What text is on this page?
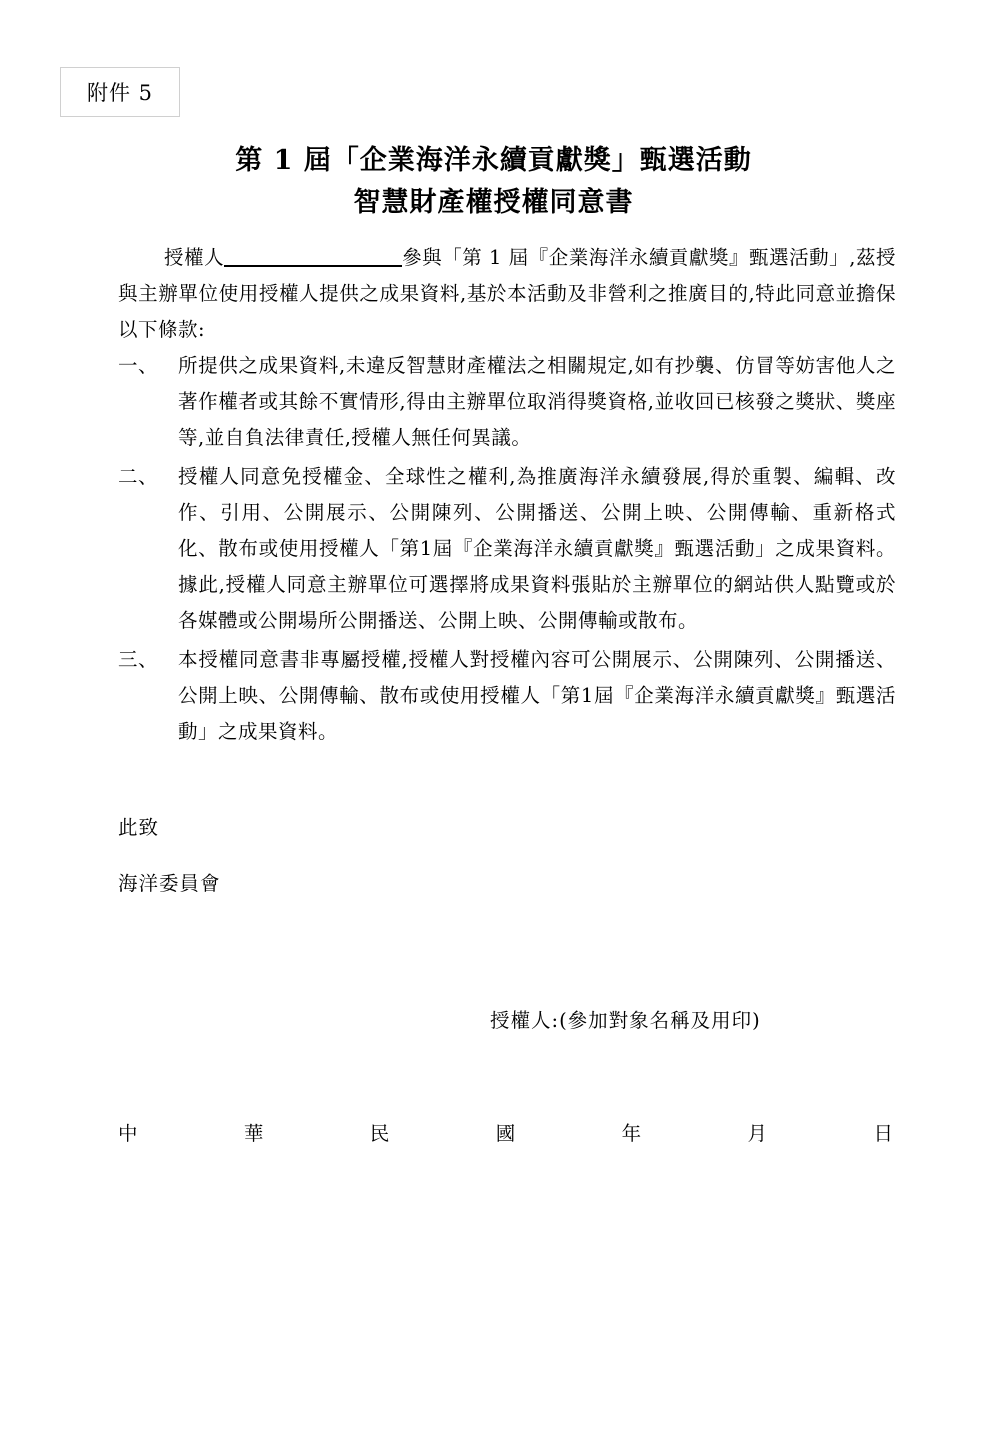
附件 5
第 1 屆「企業海洋永續貢獻獎」甄選活動
智慧財產權授權同意書

授權人	參與「第 1 屆『企業海洋永續貢獻獎』甄選活動」,茲授與主辦單位使用授權人提供之成果資料,基於本活動及非營利之推廣目的,特此同意並擔保以下條款:

一、	所提供之成果資料,未違反智慧財產權法之相關規定,如有抄襲、仿冒等妨害他人之著作權者或其餘不實情形,得由主辦單位取消得獎資格,並收回已核發之獎狀、獎座等,並自負法律責任,授權人無任何異議。
二、	授權人同意免授權金、全球性之權利,為推廣海洋永續發展,得於重製、編輯、改作、引用、公開展示、公開陳列、公開播送、公開上映、公開傳輸、重新格式化、散布或使用授權人「第1屆『企業海洋永續貢獻獎』甄選活動」之成果資料。據此,授權人同意主辦單位可選擇將成果資料張貼於主辦單位的網站供人點覽或於各媒體或公開場所公開播送、公開上映、公開傳輸或散布。
三、	本授權同意書非專屬授權,授權人對授權內容可公開展示、公開陳列、公開播送、公開上映、公開傳輸、散布或使用授權人「第1屆『企業海洋永續貢獻獎』甄選活動」之成果資料。
此致
海洋委員會
授權人:(參加對象名稱及用印)
中	華	民	國	年	月	日
